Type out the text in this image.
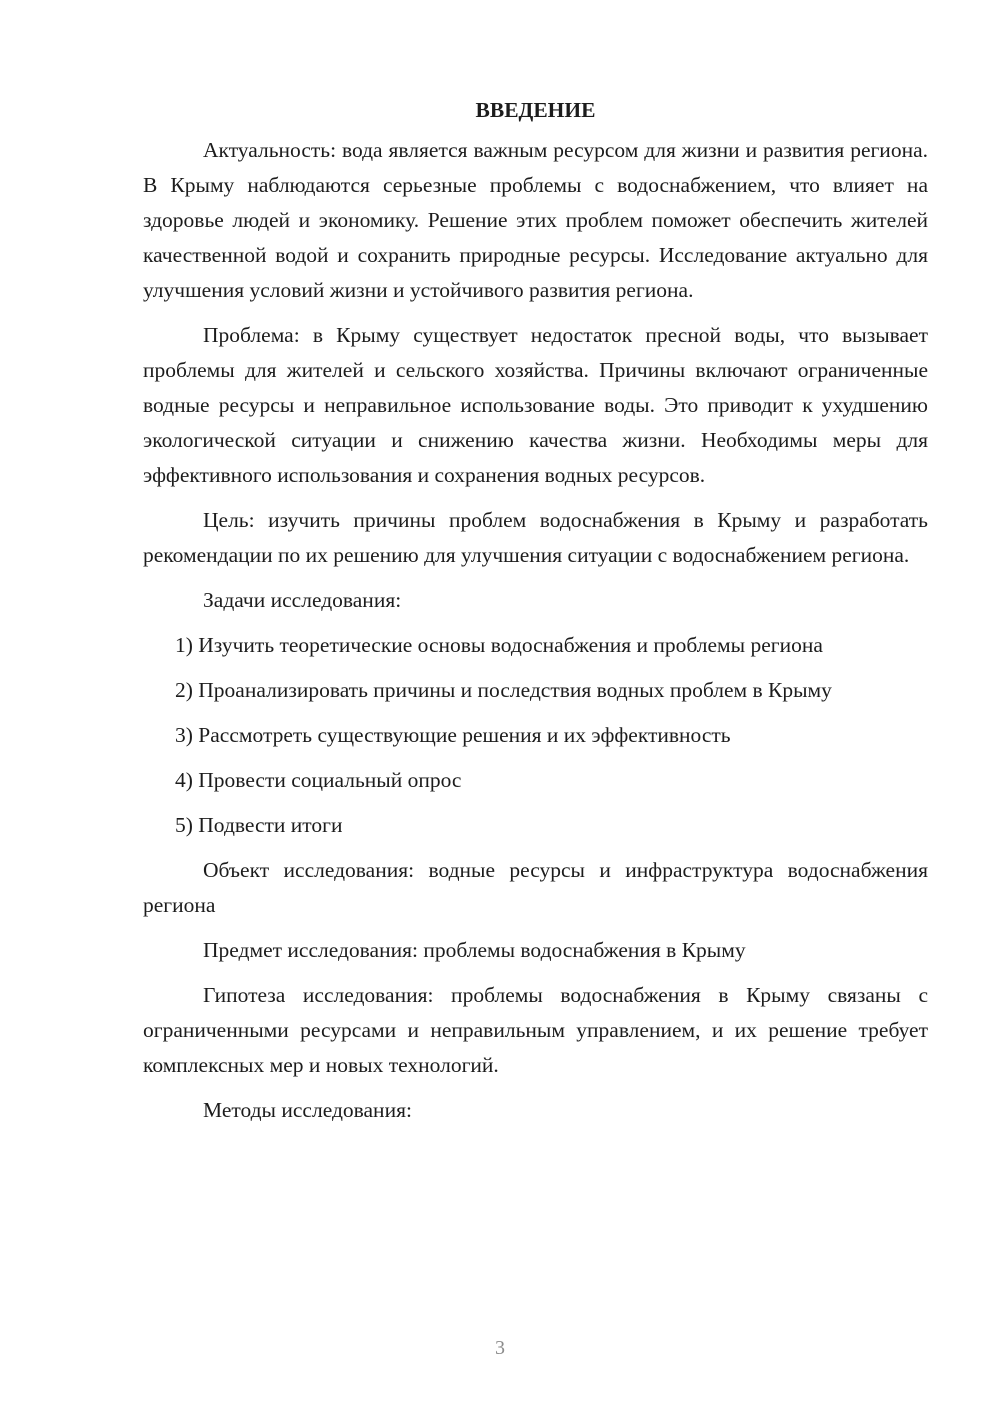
ВВЕДЕНИЕ

Актуальность: вода является важным ресурсом для жизни и развития региона. В Крыму наблюдаются серьезные проблемы с водоснабжением, что влияет на здоровье людей и экономику. Решение этих проблем поможет обеспечить жителей качественной водой и сохранить природные ресурсы. Исследование актуально для улучшения условий жизни и устойчивого развития региона.

Проблема: в Крыму существует недостаток пресной воды, что вызывает проблемы для жителей и сельского хозяйства. Причины включают ограниченные водные ресурсы и неправильное использование воды. Это приводит к ухудшению экологической ситуации и снижению качества жизни. Необходимы меры для эффективного использования и сохранения водных ресурсов.

Цель: изучить причины проблем водоснабжения в Крыму и разработать рекомендации по их решению для улучшения ситуации с водоснабжением региона.

Задачи исследования:

1) Изучить теоретические основы водоснабжения и проблемы региона

2) Проанализировать причины и последствия водных проблем в Крыму

3) Рассмотреть существующие решения и их эффективность

4) Провести социальный опрос

5) Подвести итоги

Объект исследования: водные ресурсы и инфраструктура водоснабжения региона

Предмет исследования: проблемы водоснабжения в Крыму

Гипотеза исследования: проблемы водоснабжения в Крыму связаны с ограниченными ресурсами и неправильным управлением, и их решение требует комплексных мер и новых технологий.

Методы исследования:

3
